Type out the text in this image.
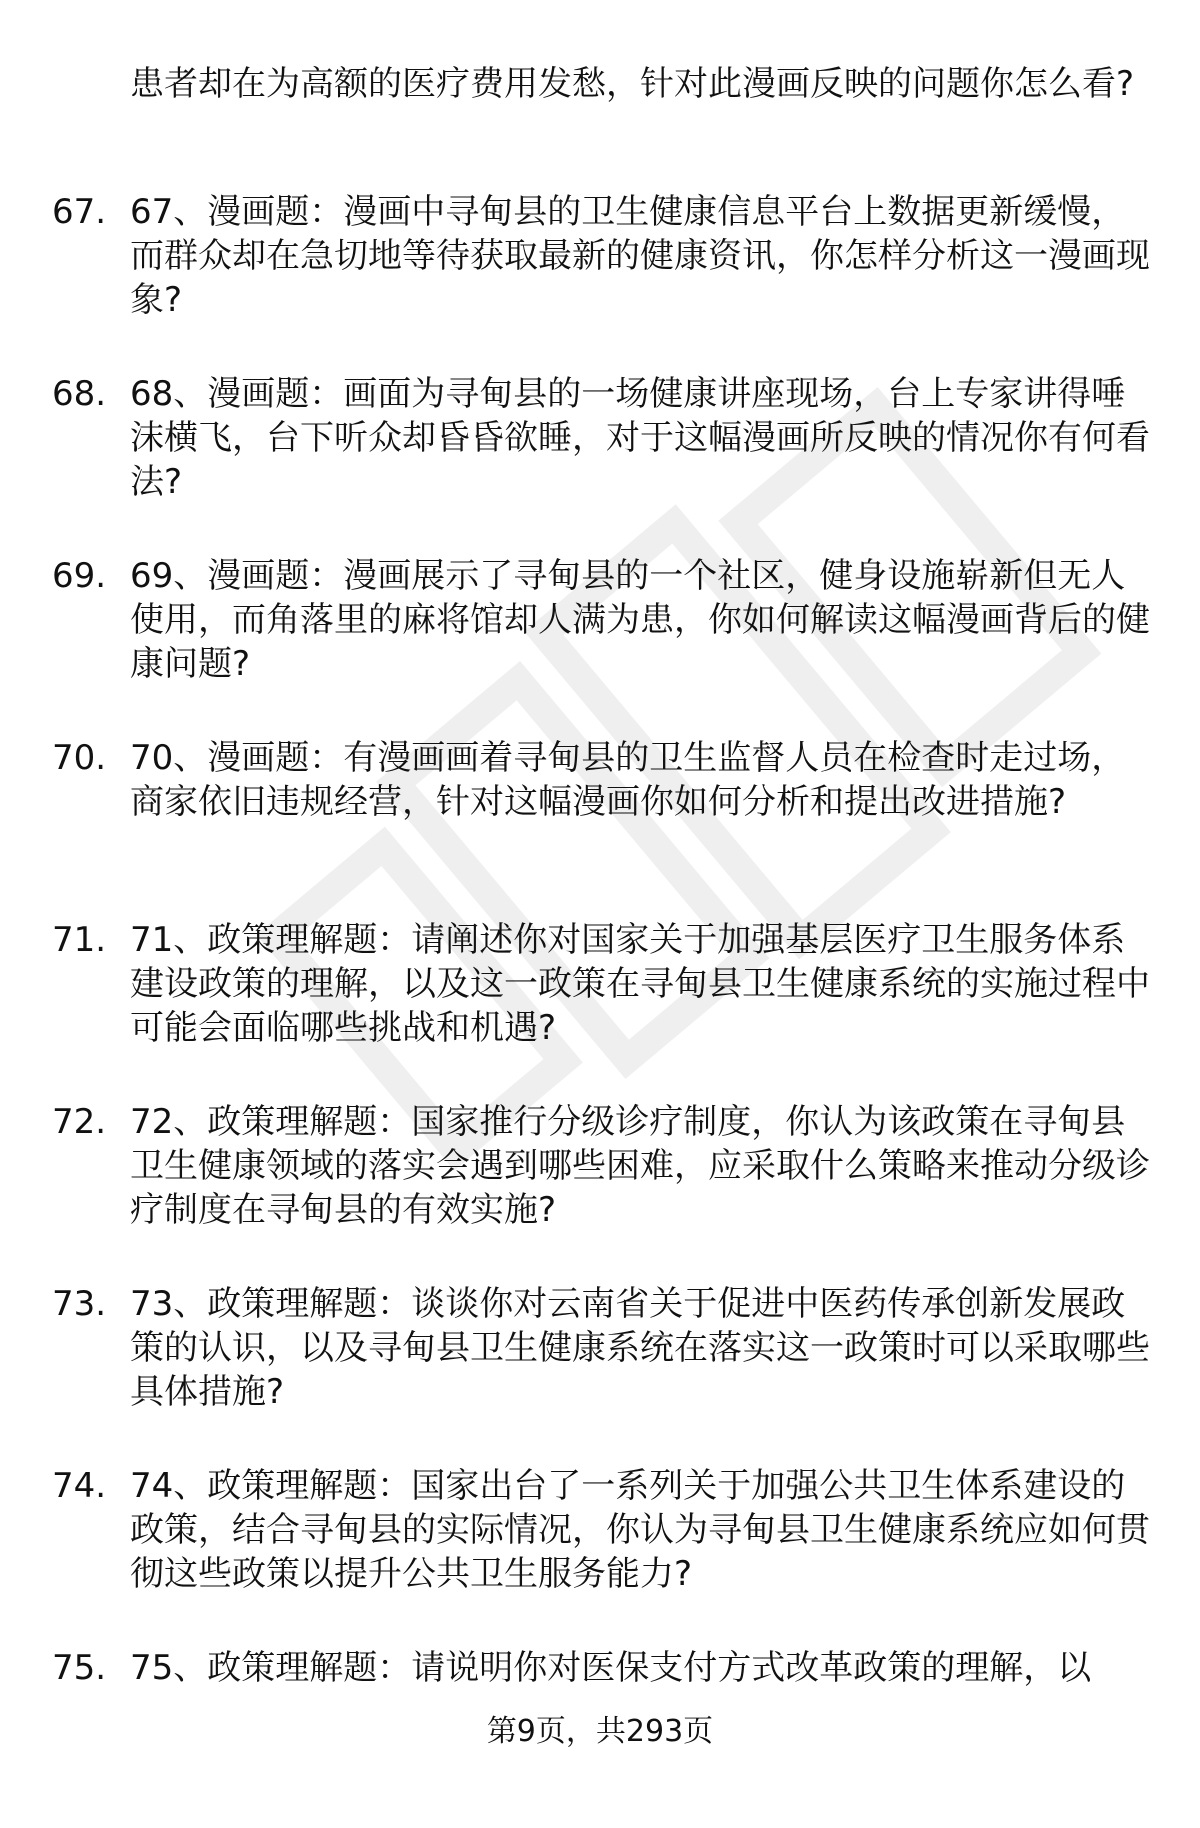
患者却在为高额的医疗费用发愁，针对此漫画反映的问题你怎么看?
67. 67、漫画题：漫画中寻甸县的卫生健康信息平台上数据更新缓慢，而群众却在急切地等待获取最新的健康资讯，你怎样分析这一漫画现象?
68. 68、漫画题：画面为寻甸县的一场健康讲座现场，台上专家讲得唾沫横飞，台下听众却昏昏欲睡，对于这幅漫画所反映的情况你有何看法?
69. 69、漫画题：漫画展示了寻甸县的一个社区，健身设施崭新但无人使用，而角落里的麻将馆却人满为患，你如何解读这幅漫画背后的健康问题?
70. 70、漫画题：有漫画画着寻甸县的卫生监督人员在检查时走过场，商家依旧违规经营，针对这幅漫画你如何分析和提出改进措施?
71. 71、政策理解题：请阐述你对国家关于加强基层医疗卫生服务体系建设政策的理解，以及这一政策在寻甸县卫生健康系统的实施过程中可能会面临哪些挑战和机遇?
72. 72、政策理解题：国家推行分级诊疗制度，你认为该政策在寻甸县卫生健康领域的落实会遇到哪些困难，应采取什么策略来推动分级诊疗制度在寻甸县的有效实施?
73. 73、政策理解题：谈谈你对云南省关于促进中医药传承创新发展政策的认识，以及寻甸县卫生健康系统在落实这一政策时可以采取哪些具体措施?
74. 74、政策理解题：国家出台了一系列关于加强公共卫生体系建设的政策，结合寻甸县的实际情况，你认为寻甸县卫生健康系统应如何贯彻这些政策以提升公共卫生服务能力?
75. 75、政策理解题：请说明你对医保支付方式改革政策的理解，以
第9页，共293页
